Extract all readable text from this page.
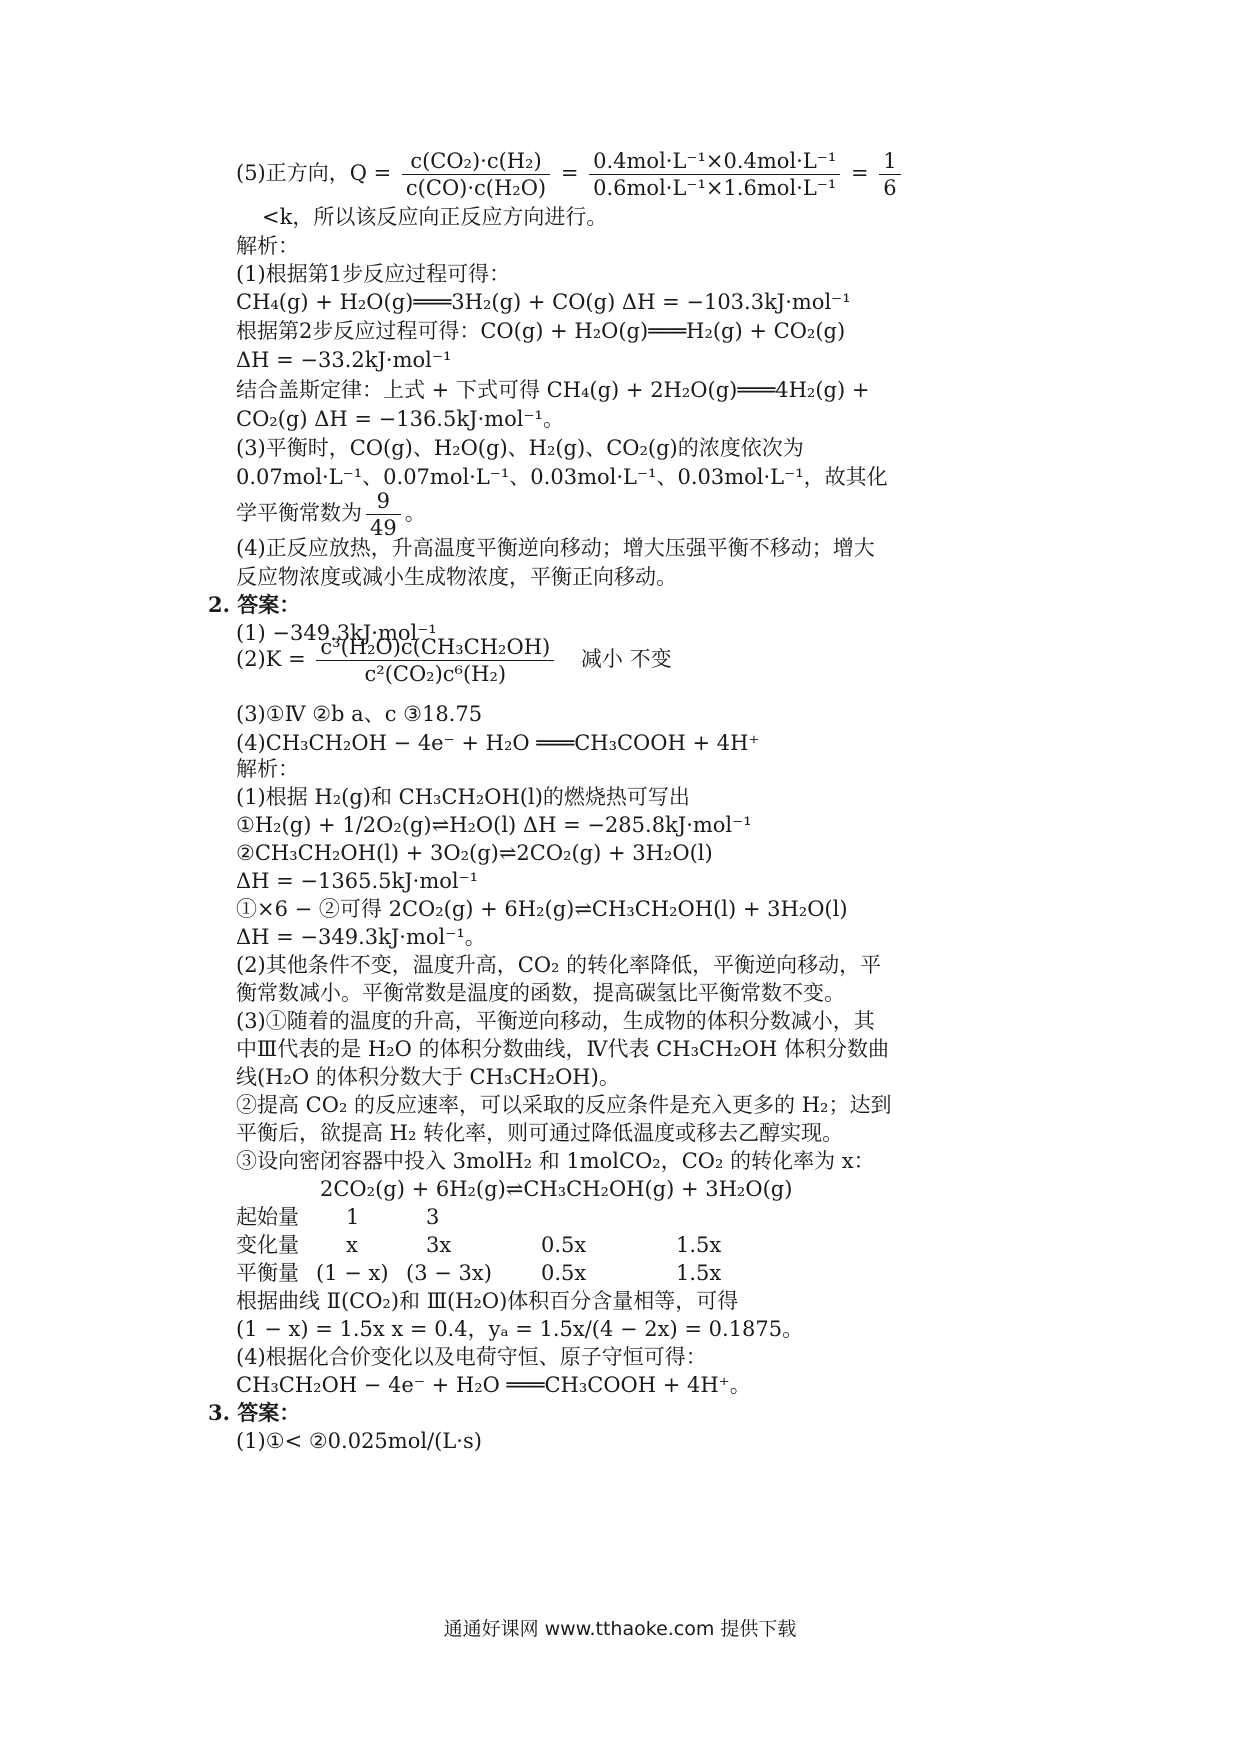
(5)正方向，$Q = \frac{\text{c(CO₂)·c(H₂)}}{\text{c(CO)·c(H₂O)}} = \frac{\text{0.4mol·L⁻¹×0.4mol·L⁻¹}}{\text{0.6mol·L⁻¹×1.6mol·L⁻¹}} = \frac{1}{6}$
<k，所以该反应向正反应方向进行。
解析：
(1)根据第1步反应过程可得：
CH₄(g) + H₂O(g)═══3H₂(g) + CO(g) ΔH = −103.3kJ·mol⁻¹
根据第2步反应过程可得：CO(g) + H₂O(g)═══H₂(g) + CO₂(g)
ΔH = −33.2kJ·mol⁻¹
结合盖斯定律：上式 + 下式可得 CH₄(g) + 2H₂O(g)═══4H₂(g) +
CO₂(g) ΔH = −136.5kJ·mol⁻¹。
(3)平衡时，CO(g)、H₂O(g)、H₂(g)、CO₂(g)的浓度依次为
0.07mol·L⁻¹、0.07mol·L⁻¹、0.03mol·L⁻¹、0.03mol·L⁻¹，故其化
学平衡常数为 $\frac{9}{49}$ 。
(4)正反应放热，升高温度平衡逆向移动；增大压强平衡不移动；增大
反应物浓度或减小生成物浓度，平衡正向移动。
2. 答案：
(1) −349.3kJ·mol⁻¹
$(2)K = \frac{\text{c³(H₂O)c(CH₃CH₂OH)}}{\text{c²(CO₂)c⁶(H₂)}}$ 减小 不变
(3)①Ⅳ ②b a、c ③18.75
(4)CH₃CH₂OH − 4e⁻ + H₂O ═══CH₃COOH + 4H⁺
解析：
(1)根据 H₂(g)和 CH₃CH₂OH(l)的燃烧热可写出
①H₂(g) + 1/2O₂(g)⇌H₂O(l) ΔH = −285.8kJ·mol⁻¹
②CH₃CH₂OH(l) + 3O₂(g)⇌2CO₂(g) + 3H₂O(l)
ΔH = −1365.5kJ·mol⁻¹
①×6 − ②可得 2CO₂(g) + 6H₂(g)⇌CH₃CH₂OH(l) + 3H₂O(l)
ΔH = −349.3kJ·mol⁻¹。
(2)其他条件不变，温度升高，CO₂ 的转化率降低，平衡逆向移动，平
衡常数减小。平衡常数是温度的函数，提高碳氢比平衡常数不变。
(3)①随着的温度的升高，平衡逆向移动，生成物的体积分数减小，其
中Ⅲ代表的是 H₂O 的体积分数曲线，Ⅳ代表 CH₃CH₂OH 体积分数曲
线(H₂O 的体积分数大于 CH₃CH₂OH)。
②提高 CO₂ 的反应速率，可以采取的反应条件是充入更多的 H₂；达到
平衡后，欲提高 H₂ 转化率，则可通过降低温度或移去乙醇实现。
③设向密闭容器中投入 3molH₂ 和 1molCO₂，CO₂ 的转化率为 x：
2CO₂(g) + 6H₂(g)⇌CH₃CH₂OH(g) + 3H₂O(g)
起始量 1	3
变化量 x	3x	0.5x	1.5x
平衡量 (1 − x) (3 − 3x) 0.5x	1.5x
根据曲线 Ⅱ(CO₂)和 Ⅲ(H₂O)体积百分含量相等，可得
(1 − x) = 1.5x x = 0.4，yₐ = 1.5x/(4 − 2x) = 0.1875。
(4)根据化合价变化以及电荷守恒、原子守恒可得：
CH₃CH₂OH − 4e⁻ + H₂O ═══CH₃COOH + 4H⁺。
3. 答案：
(1)①< ②0.025mol/(L·s)
通通好课网 www.tthaoke.com 提供下载
